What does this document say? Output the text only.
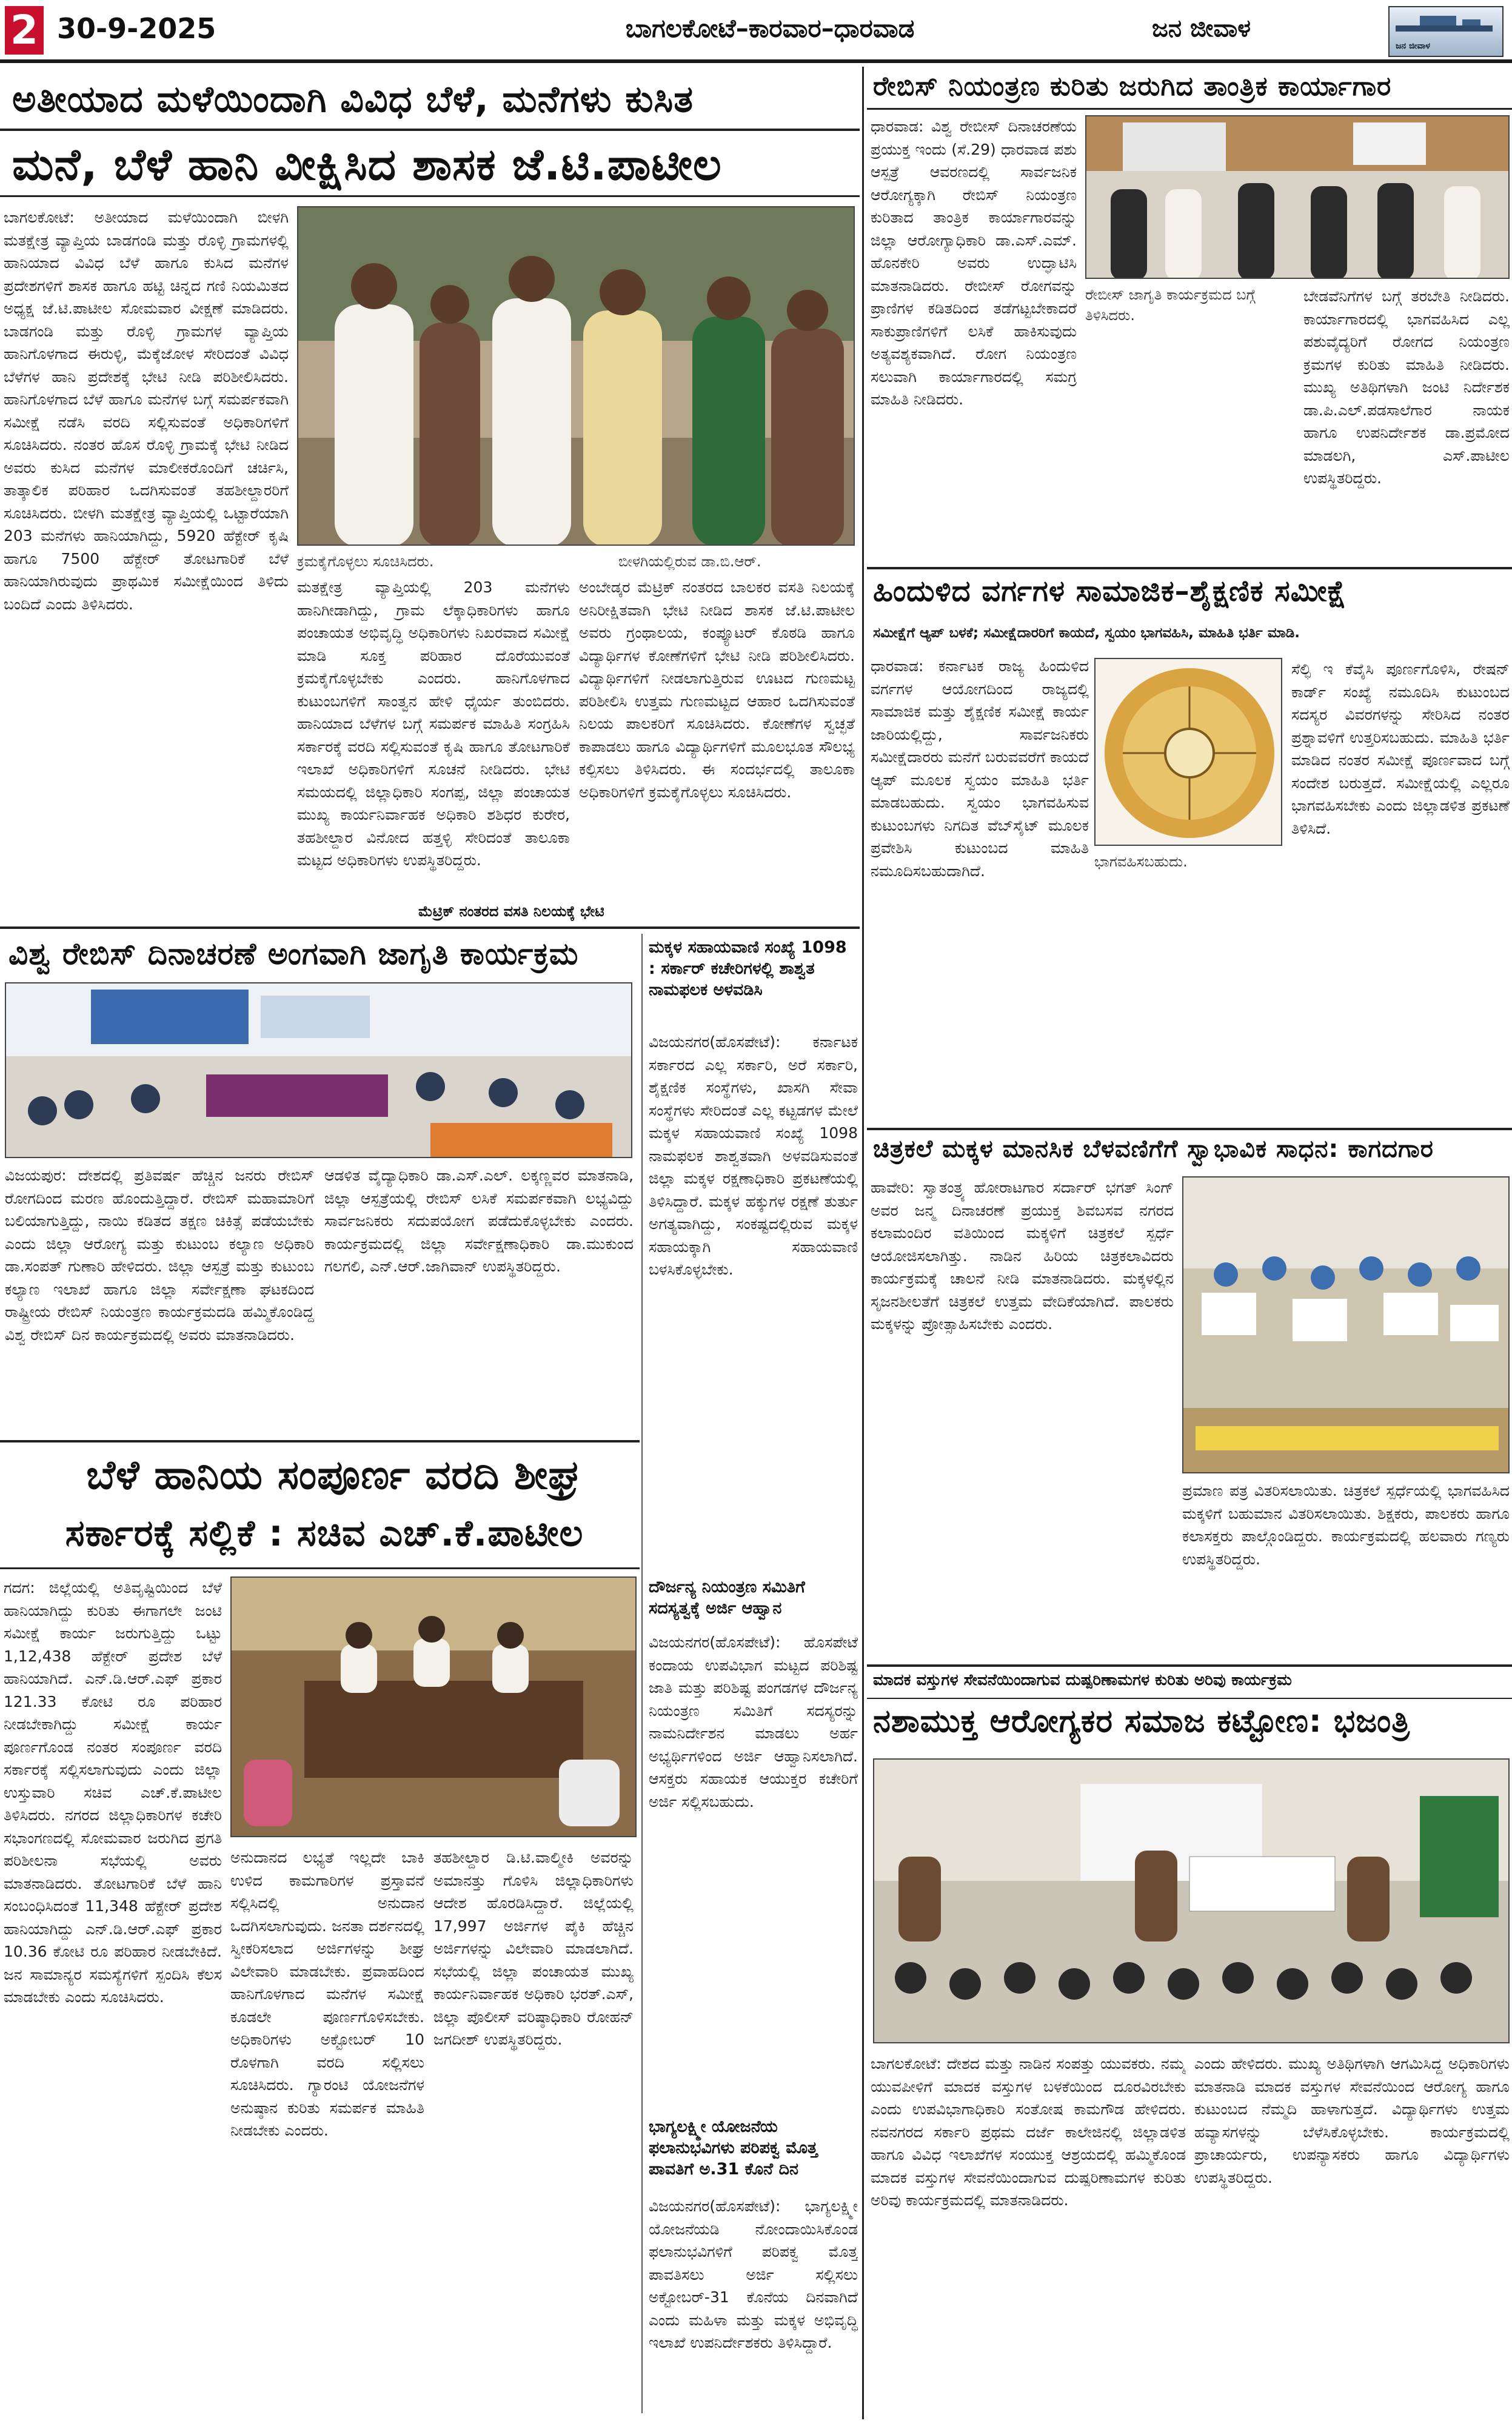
2 30-9-2025	ಬಾಗಲಕೋಟೆ–ಕಾರವಾರ–ಧಾರವಾಡ	ಜನ ಜೀವಾಳ
ಜನ ಜೀವಾಳ
ಅತೀಯಾದ ಮಳೆಯಿಂದಾಗಿ ವಿವಿಧ ಬೆಳೆ, ಮನೆಗಳು ಕುಸಿತ
ಮನೆ, ಬೆಳೆ ಹಾನಿ ವೀಕ್ಷಿಸಿದ ಶಾಸಕ ಜೆ.ಟಿ.ಪಾಟೀಲ
ಬಾಗಲಕೋಟೆ: ಅತೀಯಾದ ಮಳೆಯಿಂದಾಗಿ ಬೀಳಗಿ ಮತಕ್ಷೇತ್ರ ವ್ಯಾಪ್ತಿಯ ಬಾಡಗಂಡಿ ಮತ್ತು ರೊಳ್ಳಿ ಗ್ರಾಮಗಳಲ್ಲಿ ಹಾನಿಯಾದ ವಿವಿಧ ಬೆಳೆ ಹಾಗೂ ಕುಸಿದ ಮನೆಗಳ ಪ್ರದೇಶಗಳಿಗೆ ಶಾಸಕ ಹಾಗೂ ಹಟ್ಟಿ ಚಿನ್ನದ ಗಣಿ ನಿಯಮಿತದ ಅಧ್ಯಕ್ಷ ಜೆ.ಟಿ.ಪಾಟೀಲ ಸೋಮವಾರ ವೀಕ್ಷಣೆ ಮಾಡಿದರು. ಬಾಡಗಂಡಿ ಮತ್ತು ರೊಳ್ಳಿ ಗ್ರಾಮಗಳ ವ್ಯಾಪ್ತಿಯ ಹಾನಿಗೊಳಗಾದ ಈರುಳ್ಳಿ, ಮೆಕ್ಕೆಜೋಳ ಸೇರಿದಂತೆ ವಿವಿಧ ಬೆಳೆಗಳ ಹಾನಿ ಪ್ರದೇಶಕ್ಕೆ ಭೇಟಿ ನೀಡಿ ಪರಿಶೀಲಿಸಿದರು. ಹಾನಿಗೊಳಗಾದ ಬೆಳೆ ಹಾಗೂ ಮನೆಗಳ ಬಗ್ಗೆ ಸಮರ್ಪಕವಾಗಿ ಸಮೀಕ್ಷೆ ನಡೆಸಿ ವರದಿ ಸಲ್ಲಿಸುವಂತೆ ಅಧಿಕಾರಿಗಳಿಗೆ ಸೂಚಿಸಿದರು. ನಂತರ ಹೊಸ ರೊಳ್ಳಿ ಗ್ರಾಮಕ್ಕೆ ಭೇಟಿ ನೀಡಿದ ಅವರು ಕುಸಿದ ಮನೆಗಳ ಮಾಲೀಕರೊಂದಿಗೆ ಚರ್ಚಿಸಿ, ತಾತ್ಕಾಲಿಕ ಪರಿಹಾರ ಒದಗಿಸುವಂತೆ ತಹಶೀಲ್ದಾರರಿಗೆ ಸೂಚಿಸಿದರು. ಬೀಳಗಿ ಮತಕ್ಷೇತ್ರ ವ್ಯಾಪ್ತಿಯಲ್ಲಿ ಒಟ್ಟಾರೆಯಾಗಿ 203 ಮನೆಗಳು ಹಾನಿಯಾಗಿದ್ದು, 5920 ಹೆಕ್ಟೇರ್ ಕೃಷಿ ಹಾಗೂ 7500 ಹೆಕ್ಟೇರ್ ತೋಟಗಾರಿಕೆ ಬೆಳೆ ಹಾನಿಯಾಗಿರುವುದು ಪ್ರಾಥಮಿಕ ಸಮೀಕ್ಷೆಯಿಂದ ತಿಳಿದು ಬಂದಿದೆ ಎಂದು ತಿಳಿಸಿದರು.
ಕ್ರಮಕೈಗೊಳ್ಳಲು ಸೂಚಿಸಿದರು.	ಬೀಳಗಿಯಲ್ಲಿರುವ ಡಾ.ಬಿ.ಆರ್.
ಮತಕ್ಷೇತ್ರ ವ್ಯಾಪ್ತಿಯಲ್ಲಿ 203 ಮನೆಗಳು ಹಾನಿಗೀಡಾಗಿದ್ದು, ಗ್ರಾಮ ಲೆಕ್ಕಾಧಿಕಾರಿಗಳು ಹಾಗೂ ಪಂಚಾಯತ ಅಭಿವೃದ್ಧಿ ಅಧಿಕಾರಿಗಳು ನಿಖರವಾದ ಸಮೀಕ್ಷೆ ಮಾಡಿ ಸೂಕ್ತ ಪರಿಹಾರ ದೊರೆಯುವಂತೆ ಕ್ರಮಕೈಗೊಳ್ಳಬೇಕು ಎಂದರು. ಹಾನಿಗೊಳಗಾದ ಕುಟುಂಬಗಳಿಗೆ ಸಾಂತ್ವನ ಹೇಳಿ ಧೈರ್ಯ ತುಂಬಿದರು. ಹಾನಿಯಾದ ಬೆಳೆಗಳ ಬಗ್ಗೆ ಸಮರ್ಪಕ ಮಾಹಿತಿ ಸಂಗ್ರಹಿಸಿ ಸರ್ಕಾರಕ್ಕೆ ವರದಿ ಸಲ್ಲಿಸುವಂತೆ ಕೃಷಿ ಹಾಗೂ ತೋಟಗಾರಿಕೆ ಇಲಾಖೆ ಅಧಿಕಾರಿಗಳಿಗೆ ಸೂಚನೆ ನೀಡಿದರು. ಭೇಟಿ ಸಮಯದಲ್ಲಿ ಜಿಲ್ಲಾಧಿಕಾರಿ ಸಂಗಪ್ಪ, ಜಿಲ್ಲಾ ಪಂಚಾಯತ ಮುಖ್ಯ ಕಾರ್ಯನಿರ್ವಾಹಕ ಅಧಿಕಾರಿ ಶಶಿಧರ ಕುರೇರ, ತಹಶೀಲ್ದಾರ ವಿನೋದ ಹತ್ತಳ್ಳಿ ಸೇರಿದಂತೆ ತಾಲೂಕಾ ಮಟ್ಟದ ಅಧಿಕಾರಿಗಳು ಉಪಸ್ಥಿತರಿದ್ದರು.
ಅಂಬೇಡ್ಕರ ಮೆಟ್ರಿಕ್ ನಂತರದ ಬಾಲಕರ ವಸತಿ ನಿಲಯಕ್ಕೆ ಅನಿರೀಕ್ಷಿತವಾಗಿ ಭೇಟಿ ನೀಡಿದ ಶಾಸಕ ಜೆ.ಟಿ.ಪಾಟೀಲ ಅವರು ಗ್ರಂಥಾಲಯ, ಕಂಪ್ಯೂಟರ್ ಕೊಠಡಿ ಹಾಗೂ ವಿದ್ಯಾರ್ಥಿಗಳ ಕೋಣೆಗಳಿಗೆ ಭೇಟಿ ನೀಡಿ ಪರಿಶೀಲಿಸಿದರು. ವಿದ್ಯಾರ್ಥಿಗಳಿಗೆ ನೀಡಲಾಗುತ್ತಿರುವ ಊಟದ ಗುಣಮಟ್ಟ ಪರಿಶೀಲಿಸಿ ಉತ್ತಮ ಗುಣಮಟ್ಟದ ಆಹಾರ ಒದಗಿಸುವಂತೆ ನಿಲಯ ಪಾಲಕರಿಗೆ ಸೂಚಿಸಿದರು. ಕೋಣೆಗಳ ಸ್ವಚ್ಛತೆ ಕಾಪಾಡಲು ಹಾಗೂ ವಿದ್ಯಾರ್ಥಿಗಳಿಗೆ ಮೂಲಭೂತ ಸೌಲಭ್ಯ ಕಲ್ಪಿಸಲು ತಿಳಿಸಿದರು. ಈ ಸಂದರ್ಭದಲ್ಲಿ ತಾಲೂಕಾ ಅಧಿಕಾರಿಗಳಿಗೆ ಕ್ರಮಕೈಗೊಳ್ಳಲು ಸೂಚಿಸಿದರು.
ಮೆಟ್ರಿಕ್ ನಂತರದ ವಸತಿ ನಿಲಯಕ್ಕೆ ಭೇಟಿ
ವಿಶ್ವ ರೇಬಿಸ್ ದಿನಾಚರಣೆ ಅಂಗವಾಗಿ ಜಾಗೃತಿ ಕಾರ್ಯಕ್ರಮ
ವಿಜಯಪುರ: ದೇಶದಲ್ಲಿ ಪ್ರತಿವರ್ಷ ಹೆಚ್ಚಿನ ಜನರು ರೇಬಿಸ್ ರೋಗದಿಂದ ಮರಣ ಹೊಂದುತ್ತಿದ್ದಾರೆ. ರೇಬಿಸ್ ಮಹಾಮಾರಿಗೆ ಬಲಿಯಾಗುತ್ತಿದ್ದು, ನಾಯಿ ಕಡಿತದ ತಕ್ಷಣ ಚಿಕಿತ್ಸೆ ಪಡೆಯಬೇಕು ಎಂದು ಜಿಲ್ಲಾ ಆರೋಗ್ಯ ಮತ್ತು ಕುಟುಂಬ ಕಲ್ಯಾಣ ಅಧಿಕಾರಿ ಡಾ.ಸಂಪತ್ ಗುಣಾರಿ ಹೇಳಿದರು. ಜಿಲ್ಲಾ ಆಸ್ಪತ್ರೆ ಮತ್ತು ಕುಟುಂಬ ಕಲ್ಯಾಣ ಇಲಾಖೆ ಹಾಗೂ ಜಿಲ್ಲಾ ಸರ್ವೇಕ್ಷಣಾ ಘಟಕದಿಂದ ರಾಷ್ಟ್ರೀಯ ರೇಬಿಸ್ ನಿಯಂತ್ರಣ ಕಾರ್ಯಕ್ರಮದಡಿ ಹಮ್ಮಿಕೊಂಡಿದ್ದ ವಿಶ್ವ ರೇಬಿಸ್ ದಿನ ಕಾರ್ಯಕ್ರಮದಲ್ಲಿ ಅವರು ಮಾತನಾಡಿದರು.
ಆಡಳಿತ ವೈದ್ಯಾಧಿಕಾರಿ ಡಾ.ಎಸ್.ಎಲ್. ಲಕ್ಕಣ್ಣವರ ಮಾತನಾಡಿ, ಜಿಲ್ಲಾ ಆಸ್ಪತ್ರೆಯಲ್ಲಿ ರೇಬಿಸ್ ಲಸಿಕೆ ಸಮರ್ಪಕವಾಗಿ ಲಭ್ಯವಿದ್ದು ಸಾರ್ವಜನಿಕರು ಸದುಪಯೋಗ ಪಡೆದುಕೊಳ್ಳಬೇಕು ಎಂದರು. ಕಾರ್ಯಕ್ರಮದಲ್ಲಿ ಜಿಲ್ಲಾ ಸರ್ವೇಕ್ಷಣಾಧಿಕಾರಿ ಡಾ.ಮುಕುಂದ ಗಲಗಲಿ, ಎನ್.ಆರ್.ಜಾಗಿವಾನ್ ಉಪಸ್ಥಿತರಿದ್ದರು.
ಮಕ್ಕಳ ಸಹಾಯವಾಣಿ ಸಂಖ್ಯೆ 1098 : ಸರ್ಕಾರ್ ಕಚೇರಿಗಳಲ್ಲಿ ಶಾಶ್ವತ ನಾಮಫಲಕ ಅಳವಡಿಸಿ
ವಿಜಯನಗರ(ಹೊಸಪೇಟೆ): ಕರ್ನಾಟಕ ಸರ್ಕಾರದ ಎಲ್ಲ ಸರ್ಕಾರಿ, ಅರೆ ಸರ್ಕಾರಿ, ಶೈಕ್ಷಣಿಕ ಸಂಸ್ಥೆಗಳು, ಖಾಸಗಿ ಸೇವಾ ಸಂಸ್ಥೆಗಳು ಸೇರಿದಂತೆ ಎಲ್ಲ ಕಟ್ಟಡಗಳ ಮೇಲೆ ಮಕ್ಕಳ ಸಹಾಯವಾಣಿ ಸಂಖ್ಯೆ 1098 ನಾಮಫಲಕ ಶಾಶ್ವತವಾಗಿ ಅಳವಡಿಸುವಂತೆ ಜಿಲ್ಲಾ ಮಕ್ಕಳ ರಕ್ಷಣಾಧಿಕಾರಿ ಪ್ರಕಟಣೆಯಲ್ಲಿ ತಿಳಿಸಿದ್ದಾರೆ. ಮಕ್ಕಳ ಹಕ್ಕುಗಳ ರಕ್ಷಣೆ ತುರ್ತು ಅಗತ್ಯವಾಗಿದ್ದು, ಸಂಕಷ್ಟದಲ್ಲಿರುವ ಮಕ್ಕಳ ಸಹಾಯಕ್ಕಾಗಿ ಸಹಾಯವಾಣಿ ಬಳಸಿಕೊಳ್ಳಬೇಕು.
ದೌರ್ಜನ್ಯ ನಿಯಂತ್ರಣ ಸಮಿತಿಗೆ ಸದಸ್ಯತ್ವಕ್ಕೆ ಅರ್ಜಿ ಆಹ್ವಾನ
ವಿಜಯನಗರ(ಹೊಸಪೇಟೆ): ಹೊಸಪೇಟೆ ಕಂದಾಯ ಉಪವಿಭಾಗ ಮಟ್ಟದ ಪರಿಶಿಷ್ಟ ಜಾತಿ ಮತ್ತು ಪರಿಶಿಷ್ಟ ಪಂಗಡಗಳ ದೌರ್ಜನ್ಯ ನಿಯಂತ್ರಣ ಸಮಿತಿಗೆ ಸದಸ್ಯರನ್ನು ನಾಮನಿರ್ದೇಶನ ಮಾಡಲು ಅರ್ಹ ಅಭ್ಯರ್ಥಿಗಳಿಂದ ಅರ್ಜಿ ಆಹ್ವಾನಿಸಲಾಗಿದೆ. ಆಸಕ್ತರು ಸಹಾಯಕ ಆಯುಕ್ತರ ಕಚೇರಿಗೆ ಅರ್ಜಿ ಸಲ್ಲಿಸಬಹುದು.
ಭಾಗ್ಯಲಕ್ಷ್ಮೀ ಯೋಜನೆಯ ಫಲಾನುಭವಿಗಳು ಪರಿಪಕ್ವ ಮೊತ್ತ ಪಾವತಿಗೆ ಅ.31 ಕೊನೆ ದಿನ
ವಿಜಯನಗರ(ಹೊಸಪೇಟೆ): ಭಾಗ್ಯಲಕ್ಷ್ಮೀ ಯೋಜನೆಯಡಿ ನೋಂದಾಯಿಸಿಕೊಂಡ ಫಲಾನುಭವಿಗಳಿಗೆ ಪರಿಪಕ್ವ ಮೊತ್ತ ಪಾವತಿಸಲು ಅರ್ಜಿ ಸಲ್ಲಿಸಲು ಅಕ್ಟೋಬರ್-31 ಕೊನೆಯ ದಿನವಾಗಿದೆ ಎಂದು ಮಹಿಳಾ ಮತ್ತು ಮಕ್ಕಳ ಅಭಿವೃದ್ಧಿ ಇಲಾಖೆ ಉಪನಿರ್ದೇಶಕರು ತಿಳಿಸಿದ್ದಾರೆ.
ಬೆಳೆ ಹಾನಿಯ ಸಂಪೂರ್ಣ ವರದಿ ಶೀಘ್ರ
ಸರ್ಕಾರಕ್ಕೆ ಸಲ್ಲಿಕೆ : ಸಚಿವ ಎಚ್.ಕೆ.ಪಾಟೀಲ
ಗದಗ: ಜಿಲ್ಲೆಯಲ್ಲಿ ಅತಿವೃಷ್ಟಿಯಿಂದ ಬೆಳೆ ಹಾನಿಯಾಗಿದ್ದು ಕುರಿತು ಈಗಾಗಲೇ ಜಂಟಿ ಸಮೀಕ್ಷೆ ಕಾರ್ಯ ಜರುಗುತ್ತಿದ್ದು ಒಟ್ಟು 1,12,438 ಹೆಕ್ಟೇರ್ ಪ್ರದೇಶ ಬೆಳೆ ಹಾನಿಯಾಗಿದೆ. ಎನ್.ಡಿ.ಆರ್.ಎಫ್ ಪ್ರಕಾರ 121.33 ಕೋಟಿ ರೂ ಪರಿಹಾರ ನೀಡಬೇಕಾಗಿದ್ದು ಸಮೀಕ್ಷೆ ಕಾರ್ಯ ಪೂರ್ಣಗೊಂಡ ನಂತರ ಸಂಪೂರ್ಣ ವರದಿ ಸರ್ಕಾರಕ್ಕೆ ಸಲ್ಲಿಸಲಾಗುವುದು ಎಂದು ಜಿಲ್ಲಾ ಉಸ್ತುವಾರಿ ಸಚಿವ ಎಚ್.ಕೆ.ಪಾಟೀಲ ತಿಳಿಸಿದರು. ನಗರದ ಜಿಲ್ಲಾಧಿಕಾರಿಗಳ ಕಚೇರಿ ಸಭಾಂಗಣದಲ್ಲಿ ಸೋಮವಾರ ಜರುಗಿದ ಪ್ರಗತಿ ಪರಿಶೀಲನಾ ಸಭೆಯಲ್ಲಿ ಅವರು ಮಾತನಾಡಿದರು. ತೋಟಗಾರಿಕೆ ಬೆಳೆ ಹಾನಿ ಸಂಬಂಧಿಸಿದಂತೆ 11,348 ಹೆಕ್ಟೇರ್ ಪ್ರದೇಶ ಹಾನಿಯಾಗಿದ್ದು ಎನ್.ಡಿ.ಆರ್.ಎಫ್ ಪ್ರಕಾರ 10.36 ಕೋಟಿ ರೂ ಪರಿಹಾರ ನೀಡಬೇಕಿದೆ. ಜನ ಸಾಮಾನ್ಯರ ಸಮಸ್ಯೆಗಳಿಗೆ ಸ್ಪಂದಿಸಿ ಕೆಲಸ ಮಾಡಬೇಕು ಎಂದು ಸೂಚಿಸಿದರು.
ಅನುದಾನದ ಲಭ್ಯತೆ ಇಲ್ಲದೇ ಬಾಕಿ ಉಳಿದ ಕಾಮಗಾರಿಗಳ ಪ್ರಸ್ತಾವನೆ ಸಲ್ಲಿಸಿದಲ್ಲಿ ಅನುದಾನ ಒದಗಿಸಲಾಗುವುದು. ಜನತಾ ದರ್ಶನದಲ್ಲಿ ಸ್ವೀಕರಿಸಲಾದ ಅರ್ಜಿಗಳನ್ನು ಶೀಘ್ರ ವಿಲೇವಾರಿ ಮಾಡಬೇಕು. ಪ್ರವಾಹದಿಂದ ಹಾನಿಗೊಳಗಾದ ಮನೆಗಳ ಸಮೀಕ್ಷೆ ಕೂಡಲೇ ಪೂರ್ಣಗೊಳಿಸಬೇಕು. ಅಧಿಕಾರಿಗಳು ಅಕ್ಟೋಬರ್ 10 ರೊಳಗಾಗಿ ವರದಿ ಸಲ್ಲಿಸಲು ಸೂಚಿಸಿದರು. ಗ್ಯಾರಂಟಿ ಯೋಜನೆಗಳ ಅನುಷ್ಠಾನ ಕುರಿತು ಸಮರ್ಪಕ ಮಾಹಿತಿ ನೀಡಬೇಕು ಎಂದರು.
ತಹಶೀಲ್ದಾರ ಡಿ.ಟಿ.ವಾಲ್ಮೀಕಿ ಅವರನ್ನು ಅಮಾನತ್ತು ಗೊಳಿಸಿ ಜಿಲ್ಲಾಧಿಕಾರಿಗಳು ಆದೇಶ ಹೊರಡಿಸಿದ್ದಾರೆ. ಜಿಲ್ಲೆಯಲ್ಲಿ 17,997 ಅರ್ಜಿಗಳ ಪೈಕಿ ಹೆಚ್ಚಿನ ಅರ್ಜಿಗಳನ್ನು ವಿಲೇವಾರಿ ಮಾಡಲಾಗಿದೆ. ಸಭೆಯಲ್ಲಿ ಜಿಲ್ಲಾ ಪಂಚಾಯತ ಮುಖ್ಯ ಕಾರ್ಯನಿರ್ವಾಹಕ ಅಧಿಕಾರಿ ಭರತ್.ಎಸ್, ಜಿಲ್ಲಾ ಪೊಲೀಸ್ ವರಿಷ್ಠಾಧಿಕಾರಿ ರೋಹನ್ ಜಗದೀಶ್ ಉಪಸ್ಥಿತರಿದ್ದರು.
ರೇಬಿಸ್ ನಿಯಂತ್ರಣ ಕುರಿತು ಜರುಗಿದ ತಾಂತ್ರಿಕ ಕಾರ್ಯಾಗಾರ
ಧಾರವಾಡ: ವಿಶ್ವ ರೇಬೀಸ್ ದಿನಾಚರಣೆಯ ಪ್ರಯುಕ್ತ ಇಂದು (ಸೆ.29) ಧಾರವಾಡ ಪಶು ಆಸ್ಪತ್ರೆ ಆವರಣದಲ್ಲಿ ಸಾರ್ವಜನಿಕ ಆರೋಗ್ಯಕ್ಕಾಗಿ ರೇಬಿಸ್ ನಿಯಂತ್ರಣ ಕುರಿತಾದ ತಾಂತ್ರಿಕ ಕಾರ್ಯಾಗಾರವನ್ನು ಜಿಲ್ಲಾ ಆರೋಗ್ಯಾಧಿಕಾರಿ ಡಾ.ಎಸ್.ಎಮ್. ಹೊನಕೇರಿ ಅವರು ಉದ್ಘಾಟಿಸಿ ಮಾತನಾಡಿದರು. ರೇಬೀಸ್ ರೋಗವನ್ನು ಪ್ರಾಣಿಗಳ ಕಡಿತದಿಂದ ತಡೆಗಟ್ಟಬೇಕಾದರೆ ಸಾಕುಪ್ರಾಣಿಗಳಿಗೆ ಲಸಿಕೆ ಹಾಕಿಸುವುದು ಅತ್ಯವಶ್ಯಕವಾಗಿದೆ. ರೋಗ ನಿಯಂತ್ರಣ ಸಲುವಾಗಿ ಕಾರ್ಯಾಗಾರದಲ್ಲಿ ಸಮಗ್ರ ಮಾಹಿತಿ ನೀಡಿದರು.
ರೇಬೀಸ್ ಜಾಗೃತಿ ಕಾರ್ಯಕ್ರಮದ ಬಗ್ಗೆ ತಿಳಿಸಿದರು.
ಬೇಡವೆನಿಗೆಗಳ ಬಗ್ಗೆ ತರಬೇತಿ ನೀಡಿದರು. ಕಾರ್ಯಾಗಾರದಲ್ಲಿ ಭಾಗವಹಿಸಿದ ಎಲ್ಲ ಪಶುವೈದ್ಯರಿಗೆ ರೋಗದ ನಿಯಂತ್ರಣ ಕ್ರಮಗಳ ಕುರಿತು ಮಾಹಿತಿ ನೀಡಿದರು. ಮುಖ್ಯ ಅತಿಥಿಗಳಾಗಿ ಜಂಟಿ ನಿರ್ದೇಶಕ ಡಾ.ಪಿ.ಎಲ್.ಪಡಸಾಲೆಗಾರ ನಾಯಕ ಹಾಗೂ ಉಪನಿರ್ದೇಶಕ ಡಾ.ಪ್ರಮೋದ ಮಾಡಲಗಿ, ಎಸ್.ಪಾಟೀಲ ಉಪಸ್ಥಿತರಿದ್ದರು.
ಹಿಂದುಳಿದ ವರ್ಗಗಳ ಸಾಮಾಜಿಕ–ಶೈಕ್ಷಣಿಕ ಸಮೀಕ್ಷೆ
ಸಮೀಕ್ಷೆಗೆ ಆ್ಯಪ್ ಬಳಕೆ; ಸಮೀಕ್ಷೆದಾರರಿಗೆ ಕಾಯದೆ, ಸ್ವಯಂ ಭಾಗವಹಿಸಿ, ಮಾಹಿತಿ ಭರ್ತಿ ಮಾಡಿ.
ಧಾರವಾಡ: ಕರ್ನಾಟಕ ರಾಜ್ಯ ಹಿಂದುಳಿದ ವರ್ಗಗಳ ಆಯೋಗದಿಂದ ರಾಜ್ಯದಲ್ಲಿ ಸಾಮಾಜಿಕ ಮತ್ತು ಶೈಕ್ಷಣಿಕ ಸಮೀಕ್ಷೆ ಕಾರ್ಯ ಜಾರಿಯಲ್ಲಿದ್ದು, ಸಾರ್ವಜನಿಕರು ಸಮೀಕ್ಷೆದಾರರು ಮನೆಗೆ ಬರುವವರೆಗೆ ಕಾಯದೆ ಆ್ಯಪ್ ಮೂಲಕ ಸ್ವಯಂ ಮಾಹಿತಿ ಭರ್ತಿ ಮಾಡಬಹುದು. ಸ್ವಯಂ ಭಾಗವಹಿಸುವ ಕುಟುಂಬಗಳು ನಿಗದಿತ ವೆಬ್‌ಸೈಟ್ ಮೂಲಕ ಪ್ರವೇಶಿಸಿ ಕುಟುಂಬದ ಮಾಹಿತಿ ನಮೂದಿಸಬಹುದಾಗಿದೆ.
ಭಾಗವಹಿಸಬಹುದು.
ಸೆಲ್ಫಿ ಇ ಕೆವೈಸಿ ಪೂರ್ಣಗೊಳಿಸಿ, ರೇಷನ್ ಕಾರ್ಡ್ ಸಂಖ್ಯೆ ನಮೂದಿಸಿ ಕುಟುಂಬದ ಸದಸ್ಯರ ವಿವರಗಳನ್ನು ಸೇರಿಸಿದ ನಂತರ ಪ್ರಶ್ನಾವಳಿಗೆ ಉತ್ತರಿಸಬಹುದು. ಮಾಹಿತಿ ಭರ್ತಿ ಮಾಡಿದ ನಂತರ ಸಮೀಕ್ಷೆ ಪೂರ್ಣವಾದ ಬಗ್ಗೆ ಸಂದೇಶ ಬರುತ್ತದೆ. ಸಮೀಕ್ಷೆಯಲ್ಲಿ ಎಲ್ಲರೂ ಭಾಗವಹಿಸಬೇಕು ಎಂದು ಜಿಲ್ಲಾಡಳಿತ ಪ್ರಕಟಣೆ ತಿಳಿಸಿದೆ.
ಚಿತ್ರಕಲೆ ಮಕ್ಕಳ ಮಾನಸಿಕ ಬೆಳವಣಿಗೆಗೆ ಸ್ವಾಭಾವಿಕ ಸಾಧನ: ಕಾಗದಗಾರ
ಹಾವೇರಿ: ಸ್ವಾತಂತ್ರ್ಯ ಹೋರಾಟಗಾರ ಸರ್ದಾರ್ ಭಗತ್ ಸಿಂಗ್ ಅವರ ಜನ್ಮ ದಿನಾಚರಣೆ ಪ್ರಯುಕ್ತ ಶಿವಬಸವ ನಗರದ ಕಲಾಮಂದಿರ ವತಿಯಿಂದ ಮಕ್ಕಳಿಗೆ ಚಿತ್ರಕಲೆ ಸ್ಪರ್ಧೆ ಆಯೋಜಿಸಲಾಗಿತ್ತು. ನಾಡಿನ ಹಿರಿಯ ಚಿತ್ರಕಲಾವಿದರು ಕಾರ್ಯಕ್ರಮಕ್ಕೆ ಚಾಲನೆ ನೀಡಿ ಮಾತನಾಡಿದರು. ಮಕ್ಕಳಲ್ಲಿನ ಸೃಜನಶೀಲತೆಗೆ ಚಿತ್ರಕಲೆ ಉತ್ತಮ ವೇದಿಕೆಯಾಗಿದೆ. ಪಾಲಕರು ಮಕ್ಕಳನ್ನು ಪ್ರೋತ್ಸಾಹಿಸಬೇಕು ಎಂದರು.
ಪ್ರಮಾಣ ಪತ್ರ ವಿತರಿಸಲಾಯಿತು. ಚಿತ್ರಕಲೆ ಸ್ಪರ್ಧೆಯಲ್ಲಿ ಭಾಗವಹಿಸಿದ ಮಕ್ಕಳಿಗೆ ಬಹುಮಾನ ವಿತರಿಸಲಾಯಿತು. ಶಿಕ್ಷಕರು, ಪಾಲಕರು ಹಾಗೂ ಕಲಾಸಕ್ತರು ಪಾಲ್ಗೊಂಡಿದ್ದರು. ಕಾರ್ಯಕ್ರಮದಲ್ಲಿ ಹಲವಾರು ಗಣ್ಯರು ಉಪಸ್ಥಿತರಿದ್ದರು.
ಮಾದಕ ವಸ್ತುಗಳ ಸೇವನೆಯಿಂದಾಗುವ ದುಷ್ಪರಿಣಾಮಗಳ ಕುರಿತು ಅರಿವು ಕಾರ್ಯಕ್ರಮ
ನಶಾಮುಕ್ತ ಆರೋಗ್ಯಕರ ಸಮಾಜ ಕಟ್ಟೋಣ: ಭಜಂತ್ರಿ
ಬಾಗಲಕೋಟೆ: ದೇಶದ ಮತ್ತು ನಾಡಿನ ಸಂಪತ್ತು ಯುವಕರು. ನಮ್ಮ ಯುವಪೀಳಿಗೆ ಮಾದಕ ವಸ್ತುಗಳ ಬಳಕೆಯಿಂದ ದೂರವಿರಬೇಕು ಎಂದು ಉಪವಿಭಾಗಾಧಿಕಾರಿ ಸಂತೋಷ ಕಾಮಗೌಡ ಹೇಳಿದರು. ನವನಗರದ ಸರ್ಕಾರಿ ಪ್ರಥಮ ದರ್ಜೆ ಕಾಲೇಜಿನಲ್ಲಿ ಜಿಲ್ಲಾಡಳಿತ ಹಾಗೂ ವಿವಿಧ ಇಲಾಖೆಗಳ ಸಂಯುಕ್ತ ಆಶ್ರಯದಲ್ಲಿ ಹಮ್ಮಿಕೊಂಡ ಮಾದಕ ವಸ್ತುಗಳ ಸೇವನೆಯಿಂದಾಗುವ ದುಷ್ಪರಿಣಾಮಗಳ ಕುರಿತು ಅರಿವು ಕಾರ್ಯಕ್ರಮದಲ್ಲಿ ಮಾತನಾಡಿದರು.
ಎಂದು ಹೇಳಿದರು. ಮುಖ್ಯ ಅತಿಥಿಗಳಾಗಿ ಆಗಮಿಸಿದ್ದ ಅಧಿಕಾರಿಗಳು ಮಾತನಾಡಿ ಮಾದಕ ವಸ್ತುಗಳ ಸೇವನೆಯಿಂದ ಆರೋಗ್ಯ ಹಾಗೂ ಕುಟುಂಬದ ನೆಮ್ಮದಿ ಹಾಳಾಗುತ್ತದೆ. ವಿದ್ಯಾರ್ಥಿಗಳು ಉತ್ತಮ ಹವ್ಯಾಸಗಳನ್ನು ಬೆಳೆಸಿಕೊಳ್ಳಬೇಕು. ಕಾರ್ಯಕ್ರಮದಲ್ಲಿ ಪ್ರಾಚಾರ್ಯರು, ಉಪನ್ಯಾಸಕರು ಹಾಗೂ ವಿದ್ಯಾರ್ಥಿಗಳು ಉಪಸ್ಥಿತರಿದ್ದರು.
